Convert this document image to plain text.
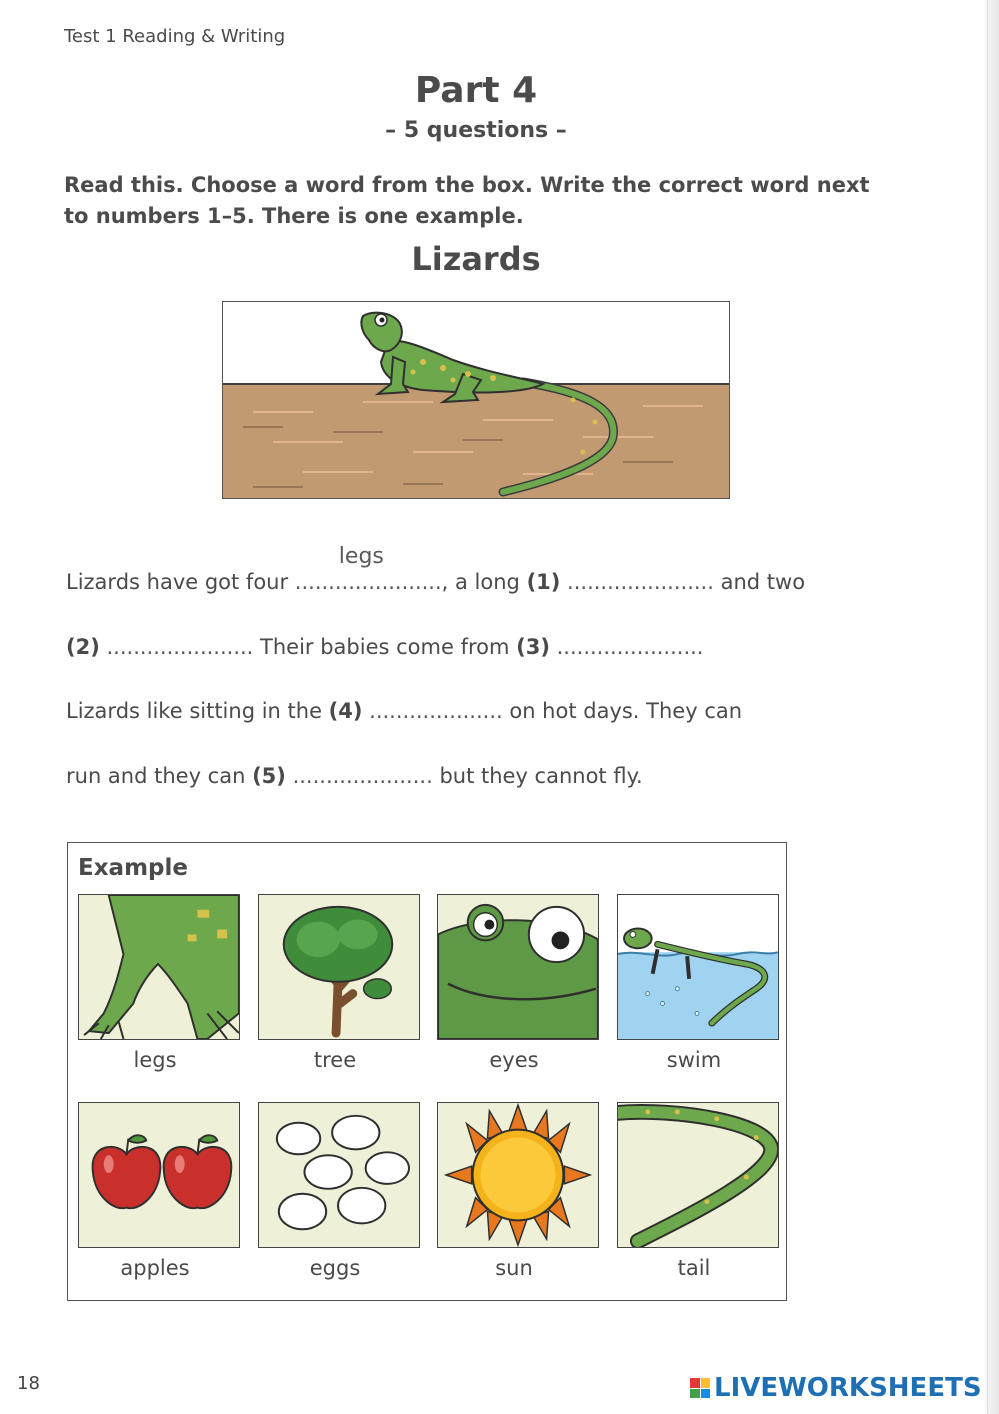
Test 1 Reading & Writing
Part 4
– 5 questions –
Read this. Choose a word from the box. Write the correct word next to numbers 1–5. There is one example.
Lizards
Lizards have got four ......................
legs
, a long (1) ...................... and two
(2) ...................... Their babies come from (3) ......................
Lizards like sitting in the (4) .................... on hot days. They can
run and they can (5) ..................... but they cannot fly.
Example
legs	tree	eyes	swim
apples	eggs	sun	tail
18	LIVEWORKSHEETS
